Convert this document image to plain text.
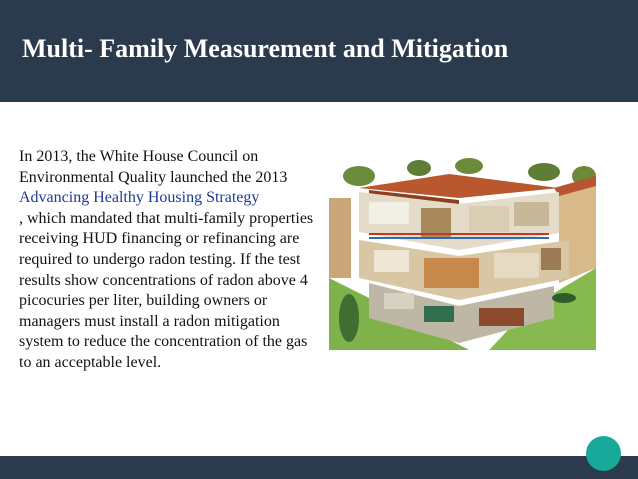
Multi- Family Measurement and Mitigation
In 2013, the White House Council on Environmental Quality launched the 2013
Advancing Healthy Housing Strategy
, which mandated that multi-family properties receiving HUD financing or refinancing are required to undergo radon testing. If the test results show concentrations of radon above 4 picocuries per liter, building owners or managers must install a radon mitigation system to reduce the concentration of the gas to an acceptable level.
